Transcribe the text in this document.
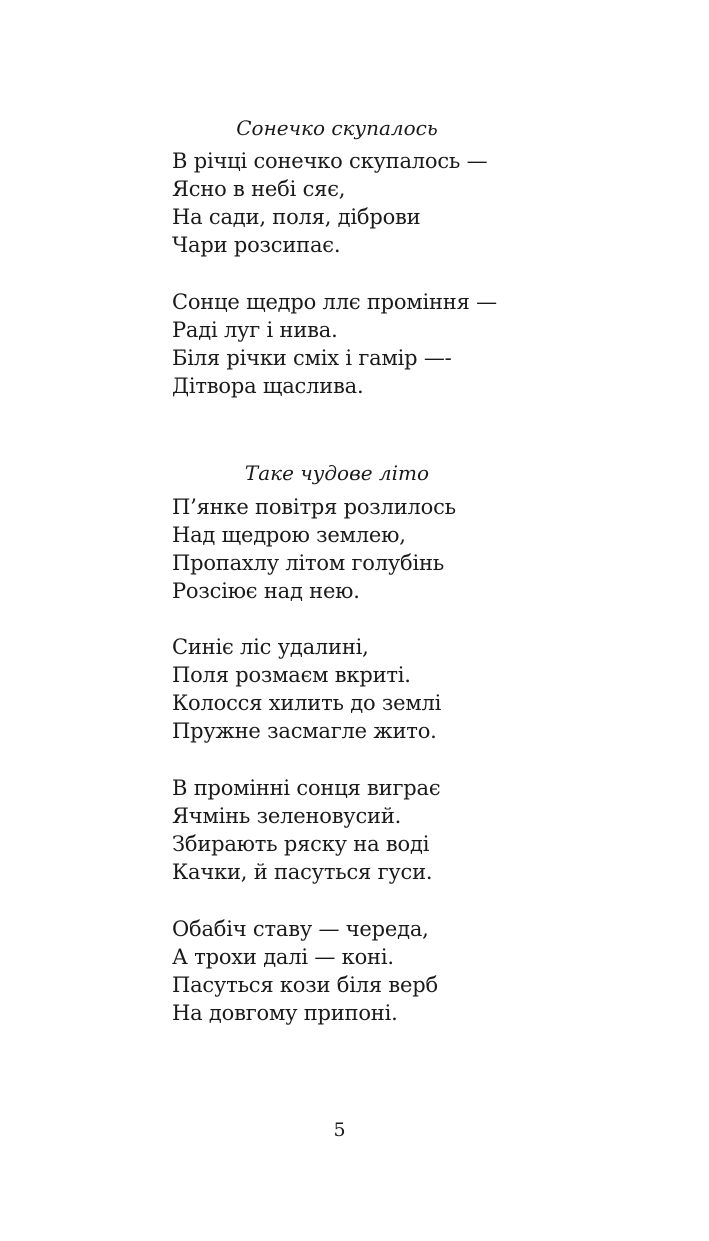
Сонечко скупалось
В річці сонечко скупалось —
Ясно в небі сяє,
На сади, поля, діброви
Чари розсипає.
Сонце щедро ллє проміння —
Раді луг і нива.
Біля річки сміх і гамір —-
Дітвора щаслива.
Таке чудове літо
П’янке повітря розлилось
Над щедрою землею,
Пропахлу літом голубінь
Розсіює над нею.
Синіє ліс удалині,
Поля розмаєм вкриті.
Колосся хилить до землі
Пружне засмагле жито.
В промінні сонця виграє
Ячмінь зеленовусий.
Збирають ряску на воді
Качки, й пасуться гуси.
Обабіч ставу — череда,
А трохи далі — коні.
Пасуться кози біля верб
На довгому припоні.
5
